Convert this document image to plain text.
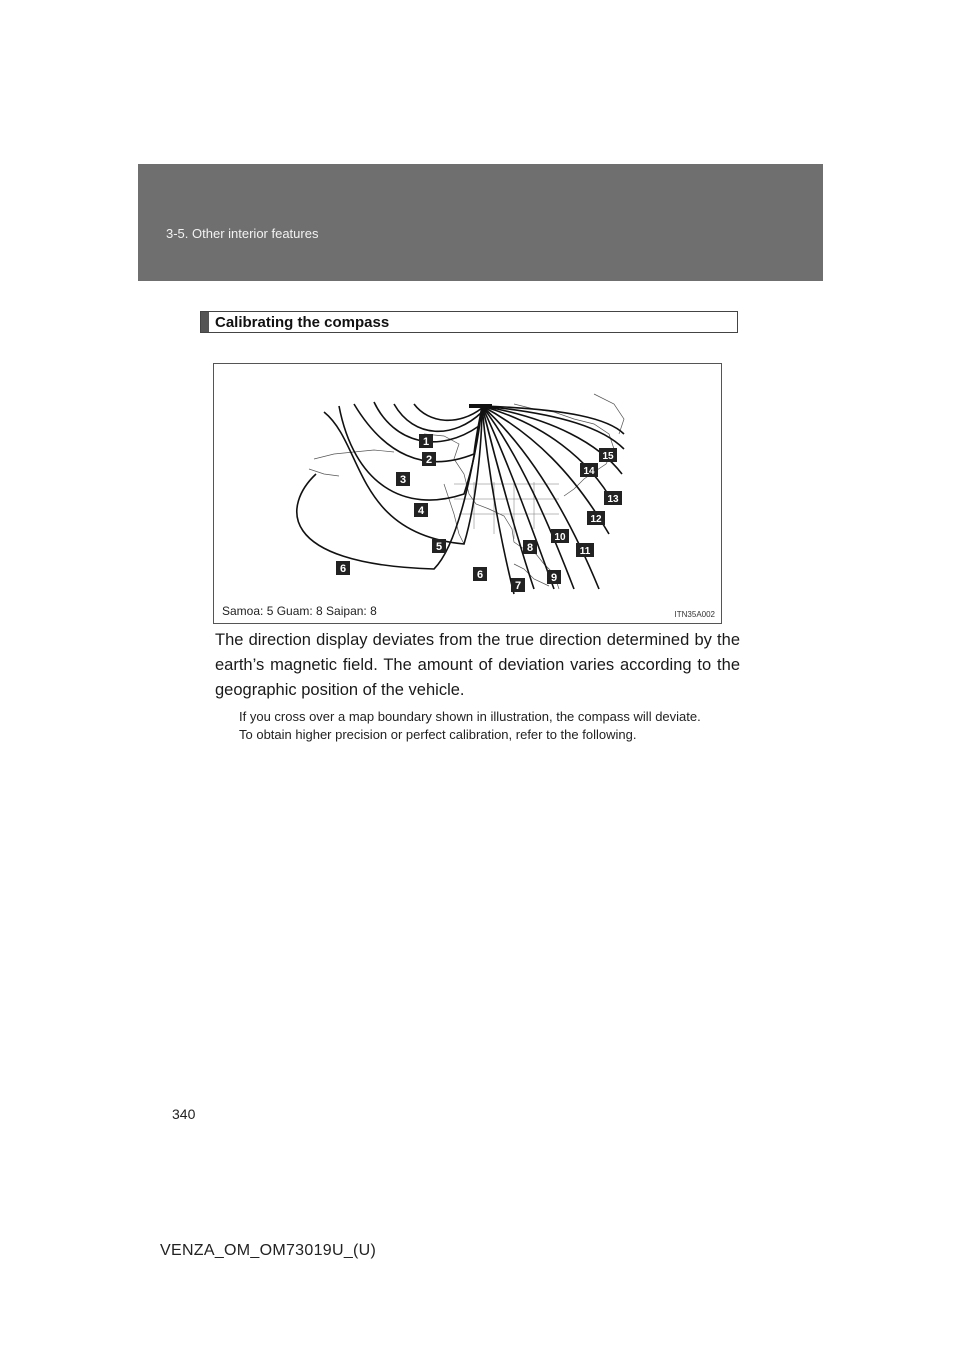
3-5. Other interior features
Calibrating the compass
1
2
3
4
5
6	6
7
8
9
10
11
12
13
14
15
Samoa: 5 Guam: 8 Saipan: 8	ITN35A002
The direction display deviates from the true direction determined by the earth’s magnetic field. The amount of deviation varies according to the geographic position of the vehicle.
If you cross over a map boundary shown in illustration, the compass will deviate.
To obtain higher precision or perfect calibration, refer to the following.
340
VENZA_OM_OM73019U_(U)
